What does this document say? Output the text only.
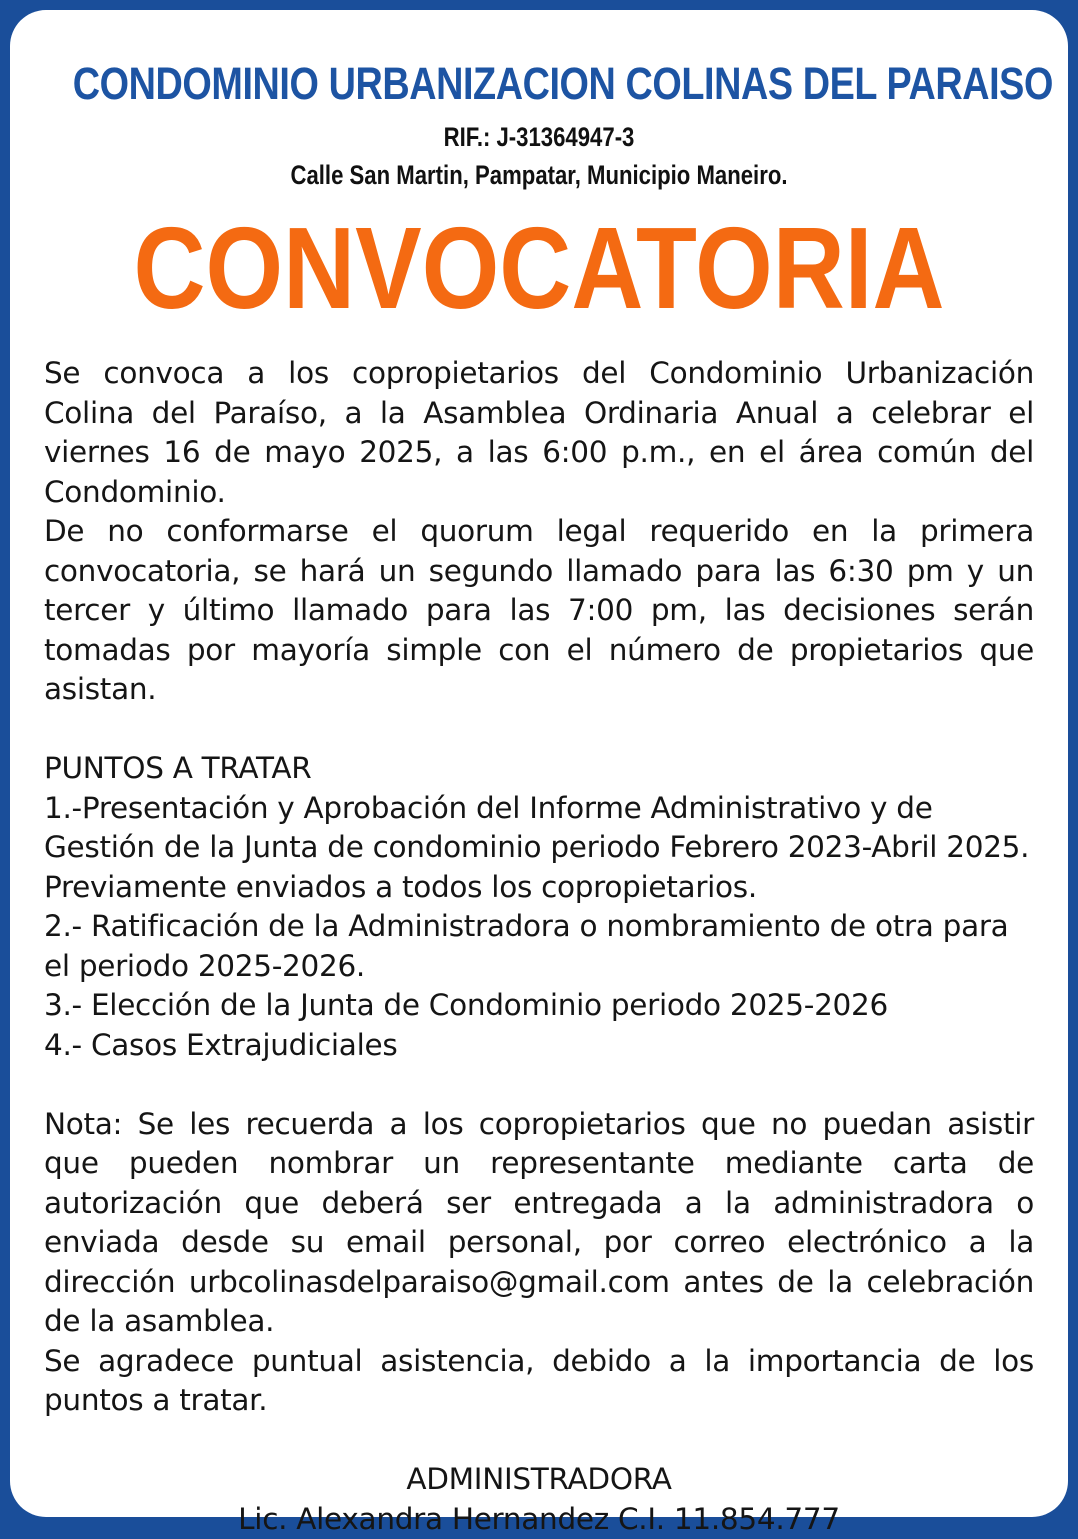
CONDOMINIO URBANIZACION COLINAS DEL PARAISO
RIF.: J-31364947-3
Calle San Martin, Pampatar, Municipio Maneiro.
CONVOCATORIA

Se convoca a los copropietarios del Condominio Urbanización Colina del Paraíso, a la Asamblea Ordinaria Anual a celebrar el viernes 16 de mayo 2025, a las 6:00 p.m., en el área común del Condominio.

De no conformarse el quorum legal requerido en la primera convocatoria, se hará un segundo llamado para las 6:30 pm y un tercer y último llamado para las 7:00 pm, las decisiones serán tomadas por mayoría simple con el número de propietarios que asistan.

PUNTOS A TRATAR

1.-Presentación y Aprobación del Informe Administrativo y de Gestión de la Junta de condominio periodo Febrero 2023-Abril 2025. Previamente enviados a todos los copropietarios.

2.- Ratificación de la Administradora o nombramiento de otra para el periodo 2025-2026.

3.- Elección de la Junta de Condominio periodo 2025-2026

4.- Casos Extrajudiciales

Nota: Se les recuerda a los copropietarios que no puedan asistir que pueden nombrar un representante mediante carta de autorización que deberá ser entregada a la administradora o enviada desde su email personal, por correo electrónico a la dirección urbcolinasdelparaiso@gmail.com antes de la celebración de la asamblea.

Se agradece puntual asistencia, debido a la importancia de los puntos a tratar.

ADMINISTRADORA
Lic. Alexandra Hernandez C.I. 11.854.777
